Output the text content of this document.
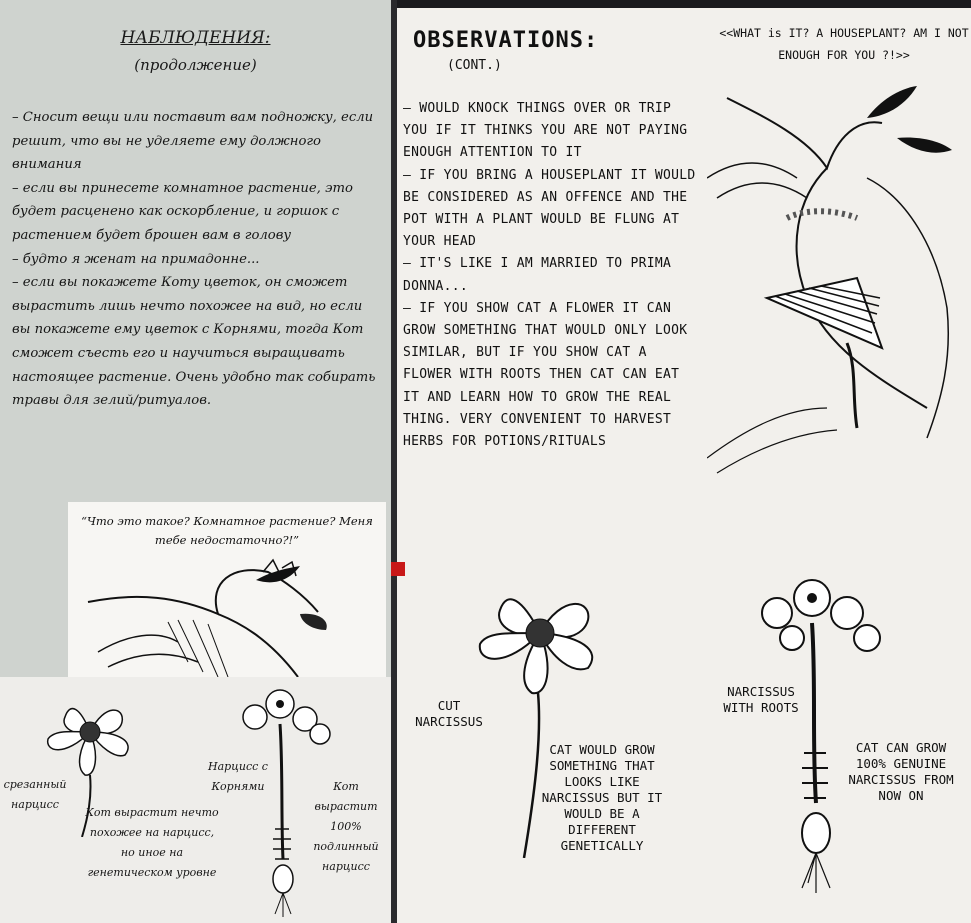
НАБЛЮДЕНИЯ:
(продолжение)

– Сносит вещи или поставит вам подножку, если решит, что вы не уделяете ему должного внимания

– если вы принесете комнатное растение, это будет расценено как оскорбление, и горшок с растением будет брошен вам в голову

– будто я женат на примадонне...

– если вы покажете Коту цветок, он сможет вырастить лишь нечто похожее на вид, но если вы покажете ему цветок с Корнями, тогда Кот сможет съесть его и научиться выращивать настоящее растение. Очень удобно так собирать травы для зелий/ритуалов.

“Что это такое? Комнатное растение? Меня тебе недостаточно?!”
срезанный нарцисс
Кот вырастит нечто похожее на нарцисс, но иное на генетическом уровне
Нарцисс с Корнями	Кот вырастит 100% подлинный нарцисс
OBSERVATIONS:
(CONT.)
<<WHAT is IT? A HOUSEPLANT? AM I NOT ENOUGH FOR YOU ?!>>

– WOULD KNOCK THINGS OVER OR TRIP YOU IF IT THINKS YOU ARE NOT PAYING ENOUGH ATTENTION TO IT

– IF YOU BRING A HOUSEPLANT IT WOULD BE CONSIDERED AS AN OFFENCE AND THE POT WITH A PLANT WOULD BE FLUNG AT YOUR HEAD

– IT'S LIKE I AM MARRIED TO PRIMA DONNA...

– IF YOU SHOW CAT A FLOWER IT CAN GROW SOMETHING THAT WOULD ONLY LOOK SIMILAR, BUT IF YOU SHOW CAT A FLOWER WITH ROOTS THEN CAT CAN EAT IT AND LEARN HOW TO GROW THE REAL THING. VERY CONVENIENT TO HARVEST HERBS FOR POTIONS/RITUALS

CUT NARCISSUS
CAT WOULD GROW SOMETHING THAT LOOKS LIKE NARCISSUS BUT IT WOULD BE A DIFFERENT GENETICALLY
NARCISSUS WITH ROOTS
CAT CAN GROW 100% GENUINE NARCISSUS FROM NOW ON
